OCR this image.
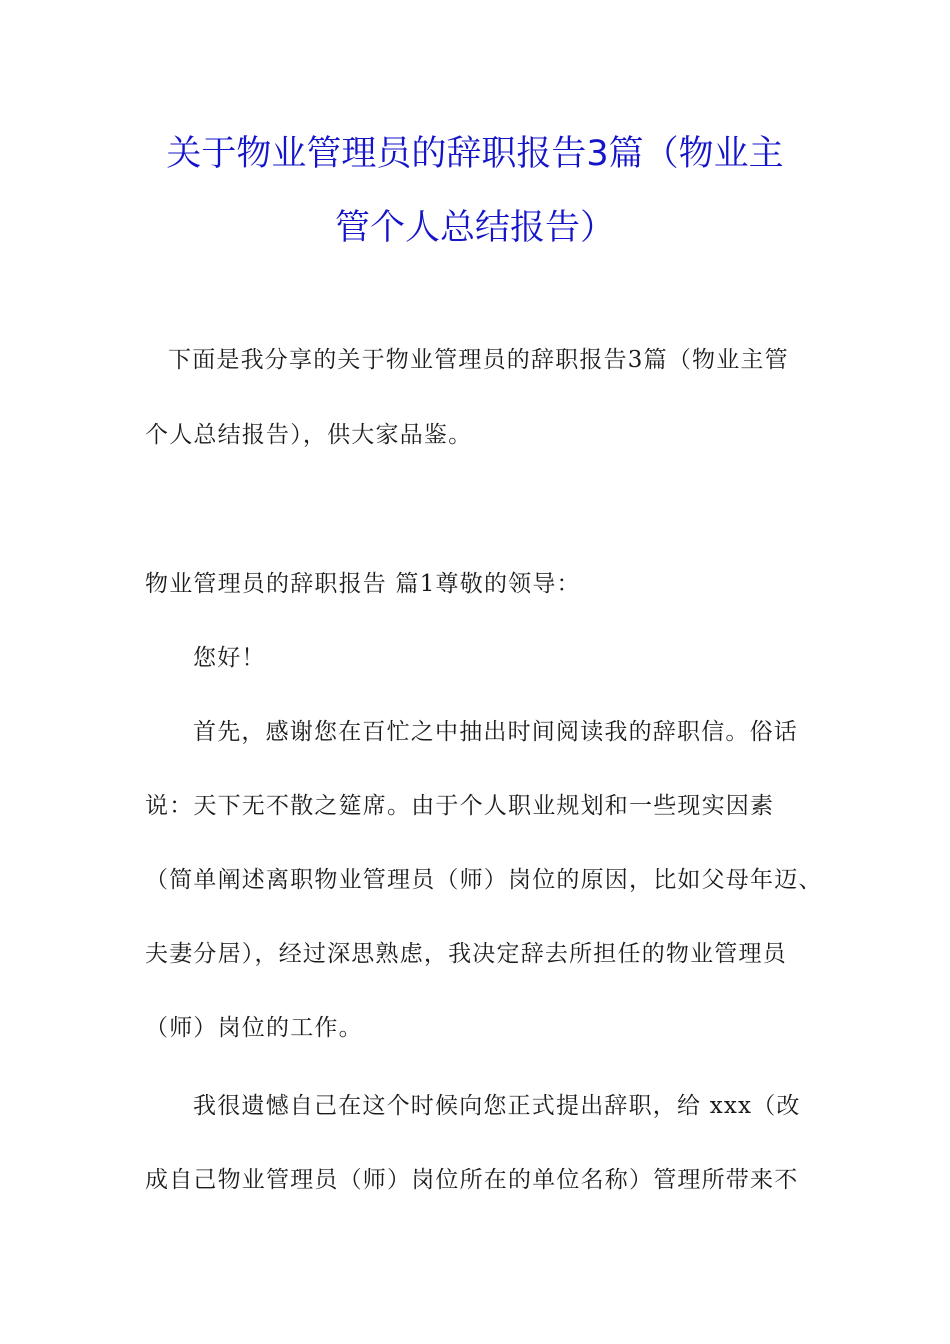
关于物业管理员的辞职报告3篇（物业主
管个人总结报告）
下面是我分享的关于物业管理员的辞职报告3篇（物业主管
个人总结报告），供大家品鉴。
物业管理员的辞职报告 篇1尊敬的领导：
您好！
首先，感谢您在百忙之中抽出时间阅读我的辞职信。俗话
说：天下无不散之筵席。由于个人职业规划和一些现实因素
（简单阐述离职物业管理员（师）岗位的原因，比如父母年迈、
夫妻分居），经过深思熟虑，我决定辞去所担任的物业管理员
（师）岗位的工作。
我很遗憾自己在这个时候向您正式提出辞职，给 xxx（改
成自己物业管理员（师）岗位所在的单位名称）管理所带来不
